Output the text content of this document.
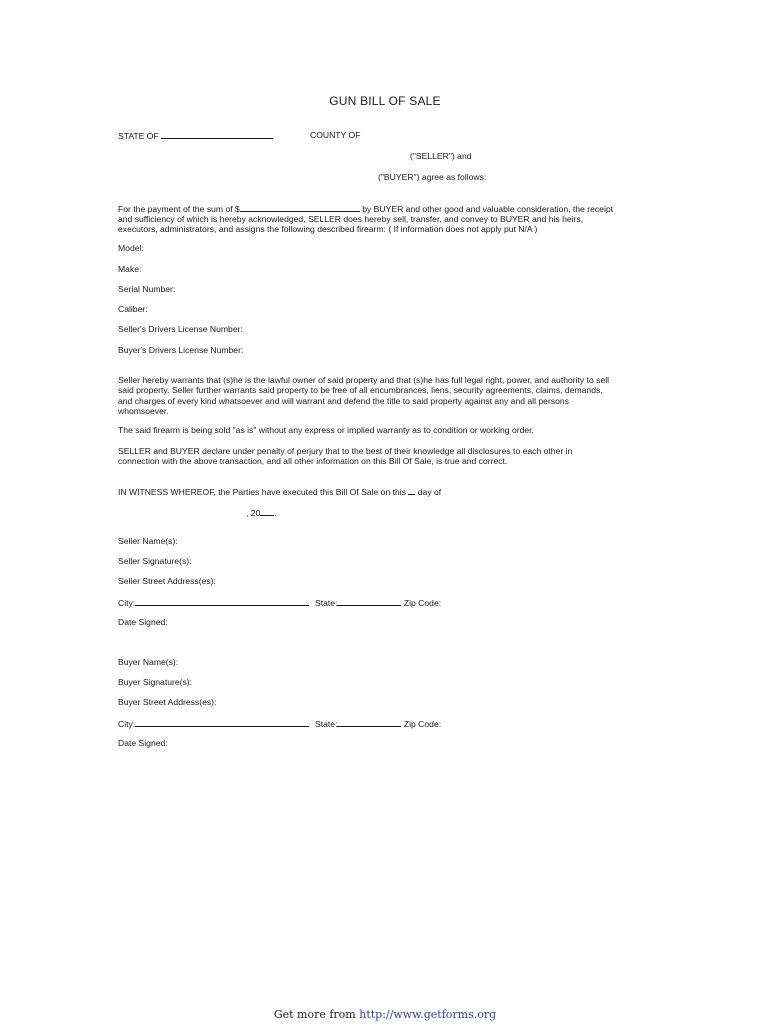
GUN BILL OF SALE
STATE OF	COUNTY OF
("SELLER") and
("BUYER") agree as follows:
For the payment of the sum of $	by BUYER and other good and valuable consideration, the receipt
and sufficiency of which is hereby acknowledged, SELLER does hereby sell, transfer, and convey to BUYER and his heirs,
executors, administrators, and assigns the following described firearm: ( If information does not apply put N/A )
Model:
Make:
Serial Number:
Caliber:
Seller's Drivers License Number:
Buyer's Drivers License Number:
Seller hereby warrants that (s)he is the lawful owner of said property and that (s)he has full legal right, power, and authority to sell
said property. Seller further warrants said property to be free of all encumbrances, liens, security agreements, claims, demands,
and charges of every kind whatsoever and will warrant and defend the title to said property against any and all persons
whomsoever.
The said firearm is being sold "as is" without any express or implied warranty as to condition or working order.
SELLER and BUYER declare under penalty of perjury that to the best of their knowledge all disclosures to each other in
connection with the above transaction, and all other information on this Bill Of Sale, is true and correct.
IN WITNESS WHEREOF, the Parties have executed this Bill Of Sale on this day of
, 20 .
Seller Name(s):
Seller Signature(s):
Seller Street Address(es):
City:	State:	Zip Code:
Date Signed:
Buyer Name(s):
Buyer Signature(s):
Buyer Street Address(es):
City:	State:	Zip Code:
Date Signed:
Get more from http://www.getforms.org
